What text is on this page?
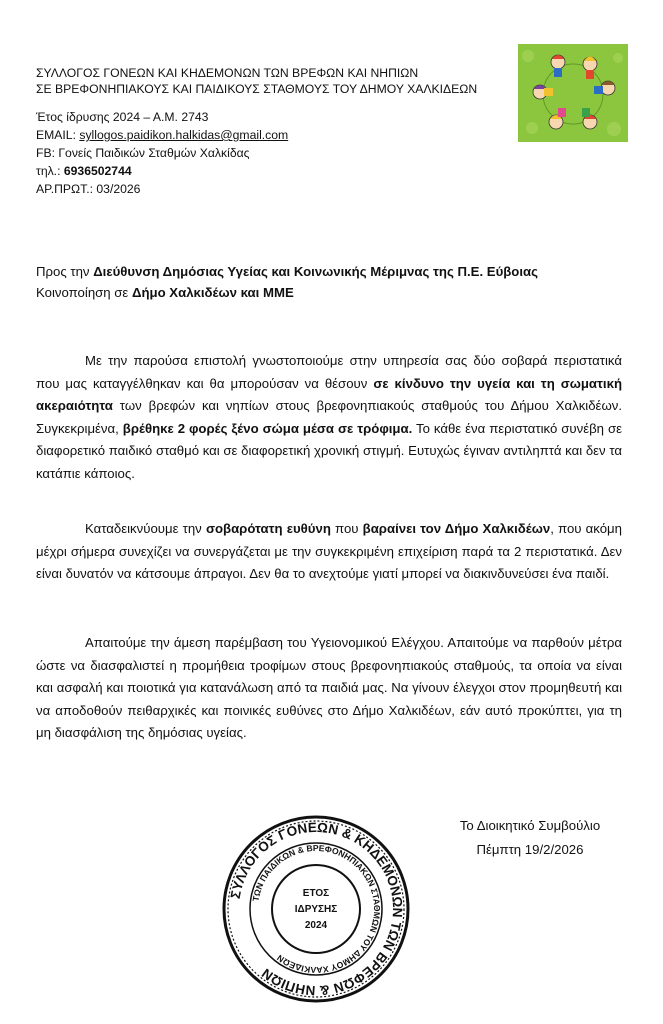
ΣΥΛΛΟΓΟΣ ΓΟΝΕΩΝ ΚΑΙ ΚΗΔΕΜΟΝΩΝ ΤΩΝ ΒΡΕΦΩΝ ΚΑΙ ΝΗΠΙΩΝ
ΣΕ ΒΡΕΦΟΝΗΠΙΑΚΟΥΣ ΚΑΙ ΠΑΙΔΙΚΟΥΣ ΣΤΑΘΜΟΥΣ ΤΟΥ ΔΗΜΟΥ ΧΑΛΚΙΔΕΩΝ
Έτος ίδρυσης 2024 – Α.Μ. 2743
EMAIL: syllogos.paidikon.halkidas@gmail.com
FB: Γονείς Παιδικών Σταθμών Χαλκίδας
τηλ.: 6936502744
ΑΡ.ΠΡΩΤ.: 03/2026
Προς την Διεύθυνση Δημόσιας Υγείας και Κοινωνικής Μέριμνας της Π.Ε. Εύβοιας
Κοινοποίηση σε Δήμο Χαλκιδέων και ΜΜΕ
Με την παρούσα επιστολή γνωστοποιούμε στην υπηρεσία σας δύο σοβαρά περιστατικά που μας καταγγέλθηκαν και θα μπορούσαν να θέσουν σε κίνδυνο την υγεία και τη σωματική ακεραιότητα των βρεφών και νηπίων στους βρεφονηπιακούς σταθμούς του Δήμου Χαλκιδέων. Συγκεκριμένα, βρέθηκε 2 φορές ξένο σώμα μέσα σε τρόφιμα. Το κάθε ένα περιστατικό συνέβη σε διαφορετικό παιδικό σταθμό και σε διαφορετική χρονική στιγμή. Ευτυχώς έγιναν αντιληπτά και δεν τα κατάπιε κάποιος.
Καταδεικνύουμε την σοβαρότατη ευθύνη που βαραίνει τον Δήμο Χαλκιδέων, που ακόμη μέχρι σήμερα συνεχίζει να συνεργάζεται με την συγκεκριμένη επιχείριση παρά τα 2 περιστατικά. Δεν είναι δυνατόν να κάτσουμε άπραγοι. Δεν θα το ανεχτούμε γιατί μπορεί να διακινδυνεύσει ένα παιδί.
Απαιτούμε την άμεση παρέμβαση του Υγειονομικού Ελέγχου. Απαιτούμε να παρθούν μέτρα ώστε να διασφαλιστεί η προμήθεια τροφίμων στους βρεφονηπιακούς σταθμούς, τα οποία να είναι και ασφαλή και ποιοτικά για κατανάλωση από τα παιδιά μας. Να γίνουν έλεγχοι στον προμηθευτή και να αποδοθούν πειθαρχικές και ποινικές ευθύνες στο Δήμο Χαλκιδέων, εάν αυτό προκύπτει, για τη μη διασφάλιση της δημόσιας υγείας.
Το Διοικητικό Συμβούλιο
Πέμπτη 19/2/2026
ΣΥΛΛΟΓΟΣ ΓΟΝΕΩΝ & ΚΗΔΕΜΟΝΩΝ ΤΩΝ ΒΡΕΦΩΝ & ΝΗΠΙΩΝ
ΤΩΝ ΠΑΙΔΙΚΩΝ & ΒΡΕΦΟΝΗΠΙΑΚΩΝ ΣΤΑΘΜΩΝ ΤΟΥ ΔΗΜΟΥ ΧΑΛΚΙΔΕΩΝ
ΕΤΟΣ
ΙΔΡΥΣΗΣ
2024
